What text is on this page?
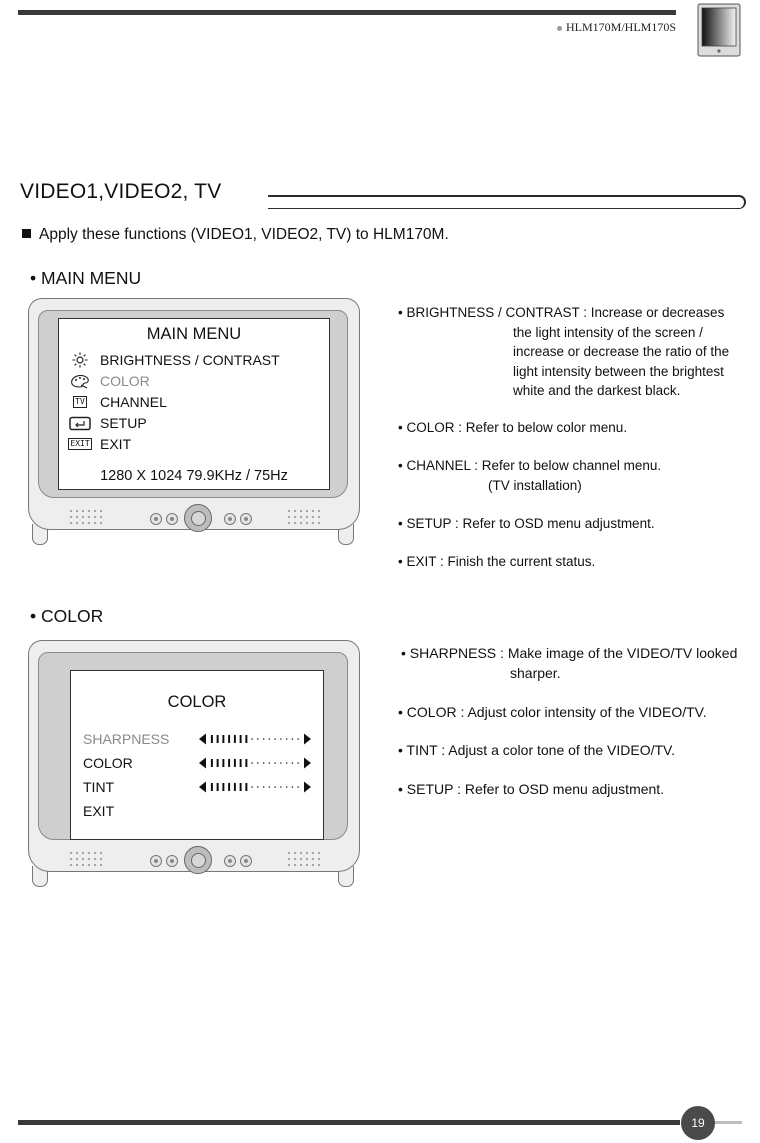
HLM170M/HLM170S
VIDEO1,VIDEO2, TV
Apply these functions (VIDEO1, VIDEO2, TV) to HLM170M.
• MAIN MENU
MAIN MENU
BRIGHTNESS / CONTRAST
COLOR
TV CHANNEL
SETUP
EXIT EXIT
1280 X 1024 79.9KHz / 75Hz
• BRIGHTNESS / CONTRAST : Increase or decreases
the light intensity of the screen /
increase or decrease the ratio of the
light intensity between the brightest
white and the darkest black.
• COLOR : Refer to below color menu.
• CHANNEL : Refer to below channel menu.
(TV installation)
• SETUP : Refer to OSD menu adjustment.
• EXIT : Finish the current status.
• COLOR
COLOR
SHARPNESS
COLOR
TINT
EXIT
• SHARPNESS : Make image of the VIDEO/TV looked
sharper.
• COLOR : Adjust color intensity of the VIDEO/TV.
• TINT : Adjust a color tone of the VIDEO/TV.
• SETUP : Refer to OSD menu adjustment.
19
